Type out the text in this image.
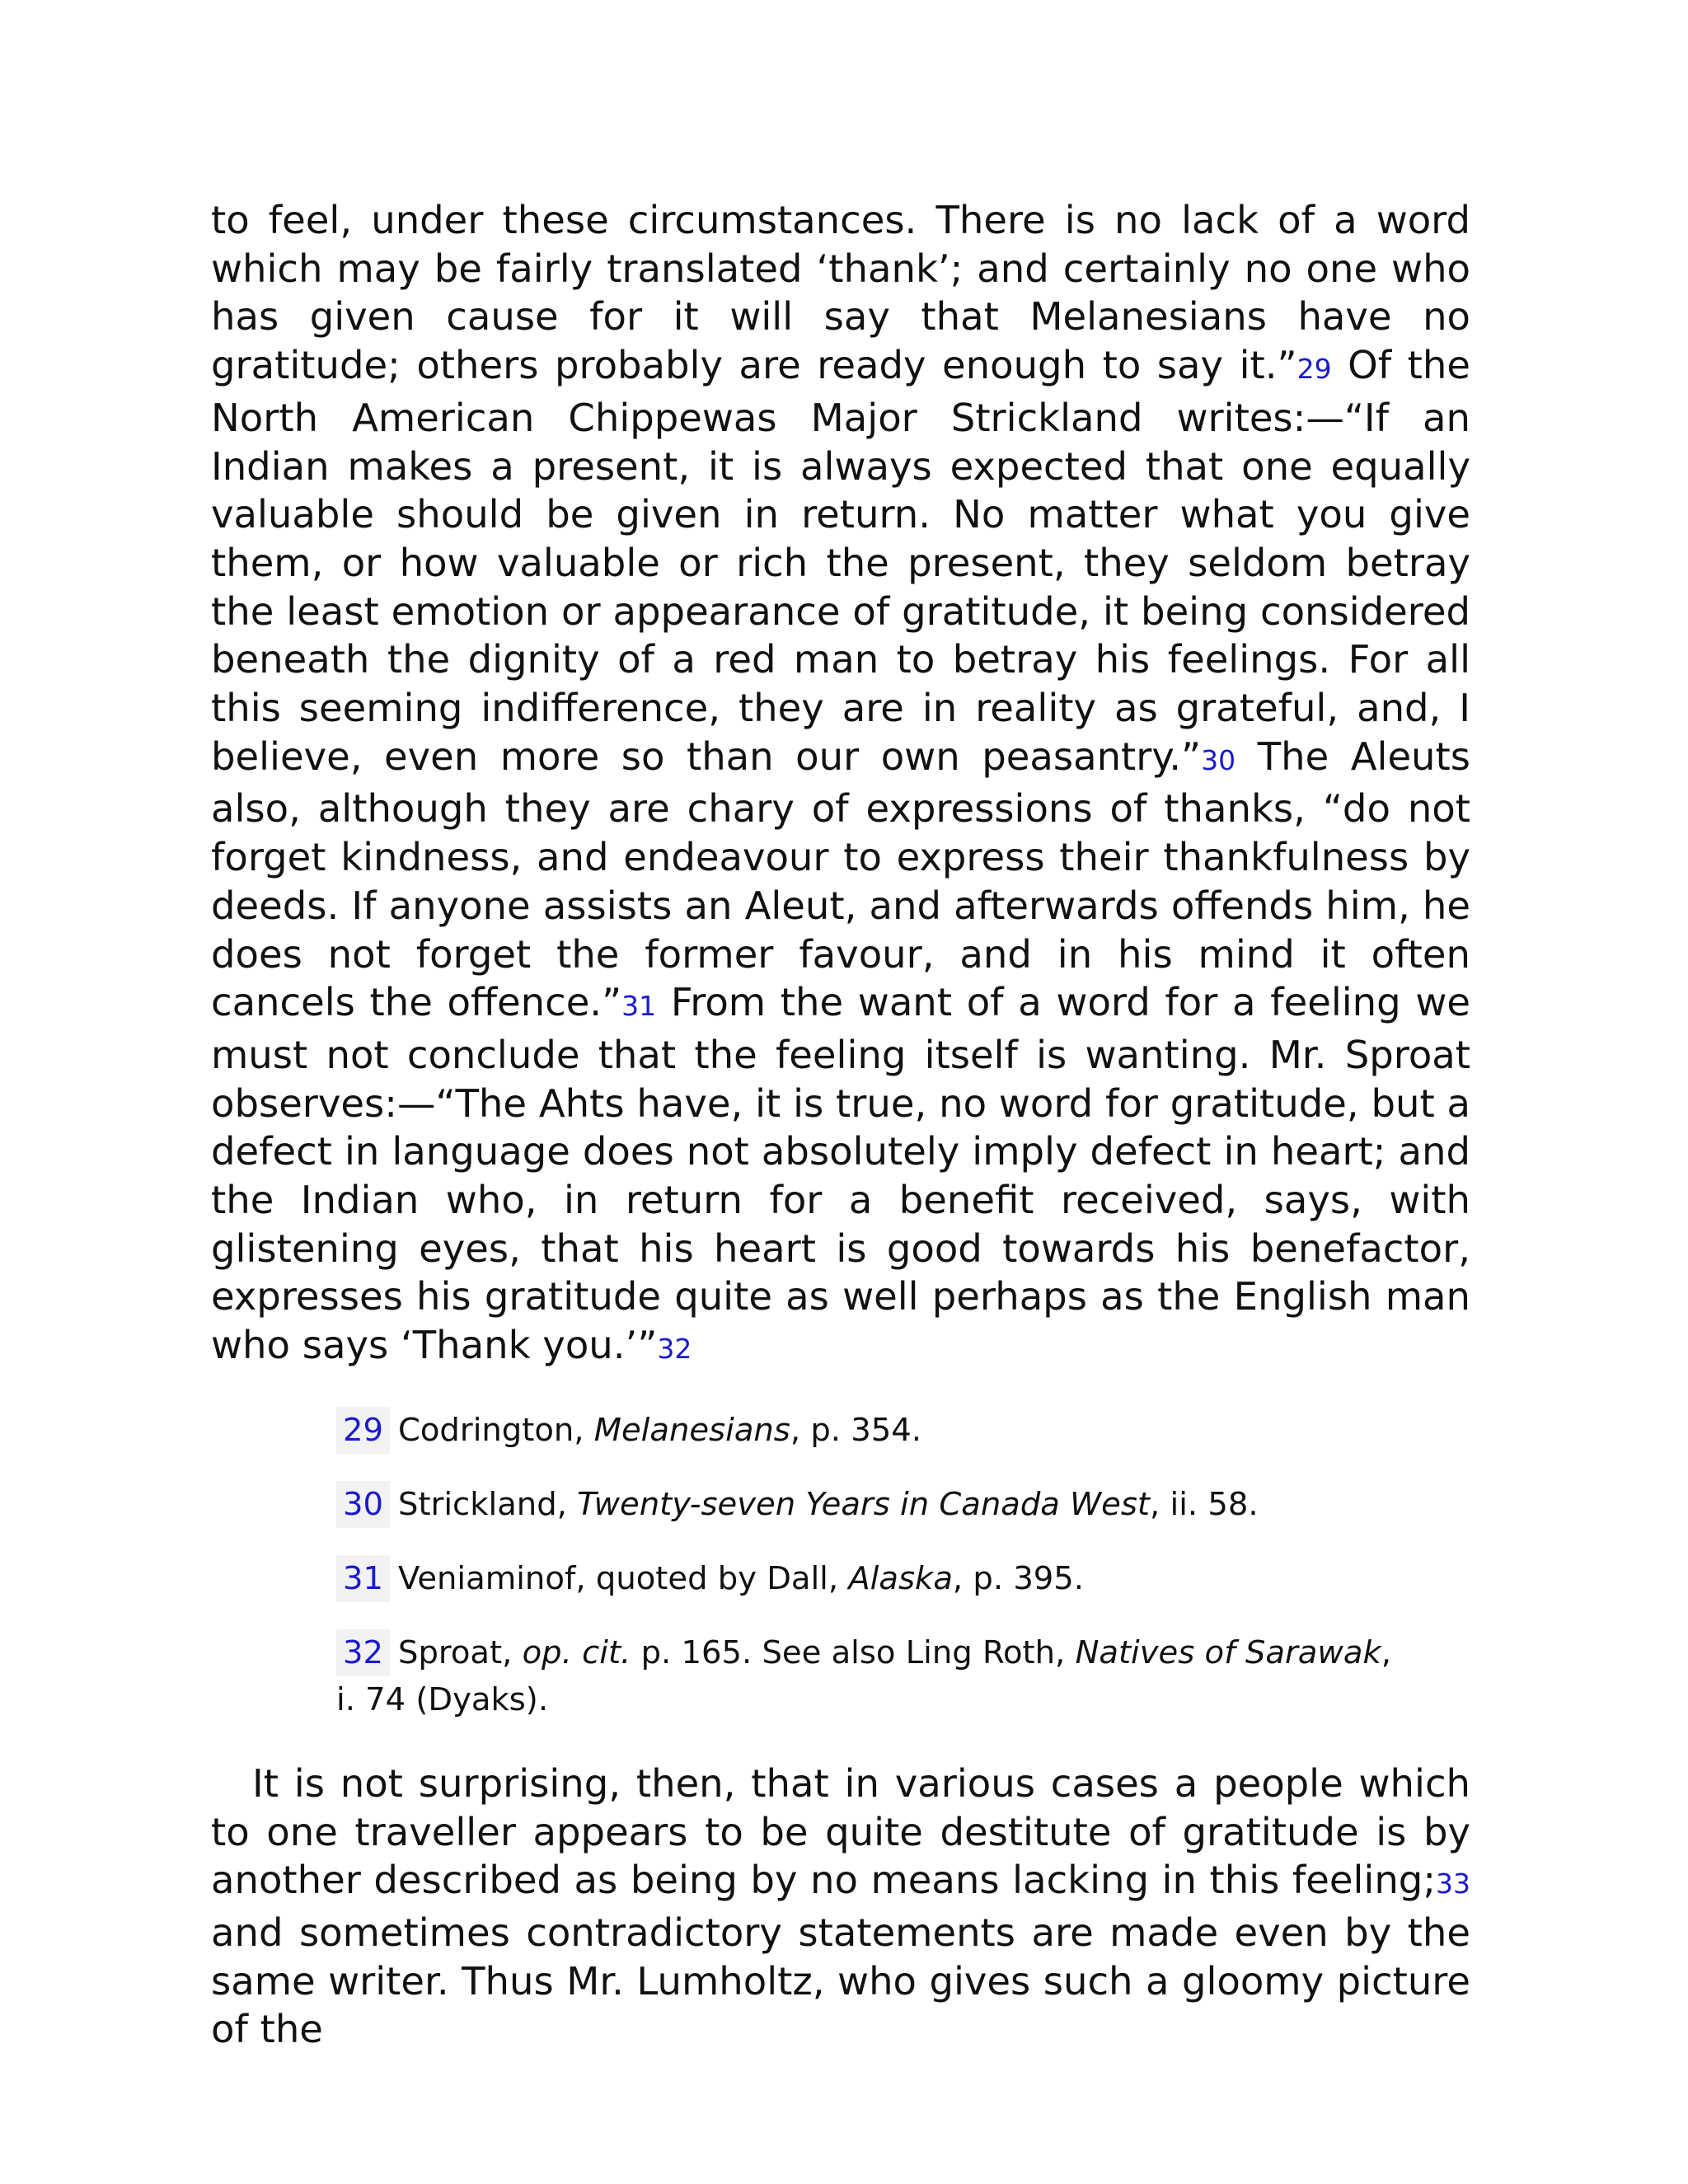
to feel, under these circumstances. There is no lack of a word which may be fairly translated ‘thank’; and certainly no one who has given cause for it will say that Melanesians have no gratitude; others probably are ready enough to say it.”29 Of the North American Chippewas Major Strickland writes:—“If an Indian makes a present, it is always expected that one equally valuable should be given in return. No matter what you give them, or how valuable or rich the present, they seldom betray the least emotion or appearance of gratitude, it being considered beneath the dignity of a red man to betray his feelings. For all this seeming indifference, they are in reality as grateful, and, I believe, even more so than our own peasantry.”30 The Aleuts also, although they are chary of expressions of thanks, “do not forget kindness, and endeavour to express their thankfulness by deeds. If anyone assists an Aleut, and afterwards offends him, he does not forget the former favour, and in his mind it often cancels the offence.”31 From the want of a word for a feeling we must not conclude that the feeling itself is wanting. Mr. Sproat observes:—“The Ahts have, it is true, no word for gratitude, but a defect in language does not absolutely imply defect in heart; and the Indian who, in return for a benefit received, says, with glistening eyes, that his heart is good towards his benefactor, expresses his gratitude quite as well perhaps as the English man who says ‘Thank you.’”32

29 Codrington, Melanesians, p. 354.

30 Strickland, Twenty-seven Years in Canada West, ii. 58.

31 Veniaminof, quoted by Dall, Alaska, p. 395.

32 Sproat, op. cit. p. 165. See also Ling Roth, Natives of Sarawak, i. 74 (Dyaks).

It is not surprising, then, that in various cases a people which to one traveller appears to be quite destitute of gratitude is by another described as being by no means lacking in this feeling;33 and sometimes contradictory statements are made even by the same writer. Thus Mr. Lumholtz, who gives such a gloomy picture of the
